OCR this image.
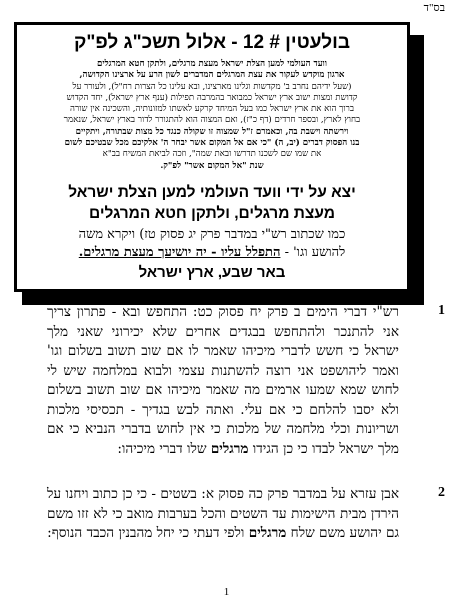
בס"ד

בולעטין # 12 - אלול תשכ"ג לפ"ק

וועד העולמי למען הצלת ישראל מעצת מרגלים, ולתקן חטא המרגלים

ארגון מוקדש לעקור את עצת המרגלים המדברים לשון הרע על ארצינו הקדושה,

(שעל ידיהם נחרב ב' מקדשות וגלינו מארצינו, ובא עלינו כל הצרות רח"ל), ולעורר על

קדושת ומצות ישוב ארץ ישראל כמבואר בהמרבה תפילות (ענף ארץ ישראל), יחד הקדוש

ברוך הוא את ארץ ישראל כמו בעל המיחד קרקע לאשתו למזונותיה, והשכינה אין שורה

בחוץ לארץ, ובספר חרדים (דף כ"ז), ואם המצוה הוא להתגורר לדור בארץ ישראל, שנאמר

וירשתה וישבת בה, וכאמרם ז"ל שמצוה זו שקולה כנגד כל מצות שבתורה, ויתקיים

בנו הפסוק דברים (יב, ה) "כי אם אל המקום אשר יבחר ה' אלקיכם מכל שבטיכם לשום

את שמו שם לשכנו תדרשו ובאת שמה", וזכה לביאת המשיח בב"א

שנת "אל המקום אשר" לפ"ק.

יצא על ידי וועד העולמי למען הצלת ישראל

מעצת מרגלים, ולתקן חטא המרגלים

כמו שכתוב רש"י במדבר פרק יג פסוק טז) ויקרא משה

להושע וגו' - התפלל עליו - יה יושיעך מעצת מרגלים.

באר שבע, ארץ ישראל

1
רש"י דברי הימים ב פרק יח פסוק כט: התחפש ובא - פתרון צריך אני להתנכר ולהתחפש בבגדים אחרים שלא יכירוני שאני מלך ישראל כי חשש לדברי מיכיהו שאמר לו אם שוב תשוב בשלום וגו' ואמר ליהושפט אני רוצה להשתנות עצמי ולבוא במלחמה שיש לי לחוש שמא שמעו ארמים מה שאמר מיכיהו אם שוב תשוב בשלום ולא יסבו להלחם כי אם עלי. ואתה לבש בגדיך - תכסיסי מלכות ושריונות וכלי מלחמה של מלכות כי אין לחוש בדברי הנביא כי אם מלך ישראל לבדו כי כן הגידו מרגלים שלו דברי מיכיהו:
2
אבן עזרא על במדבר פרק כה פסוק א: בשטים - כי כן כתוב ויחנו על הירדן מבית הישימות עד השטים והכל בערבות מואב כי לא זזו משם גם יהושע משם שלח מרגלים ולפי דעתי כי יחל מהבנין הכבד הנוסף:
1
